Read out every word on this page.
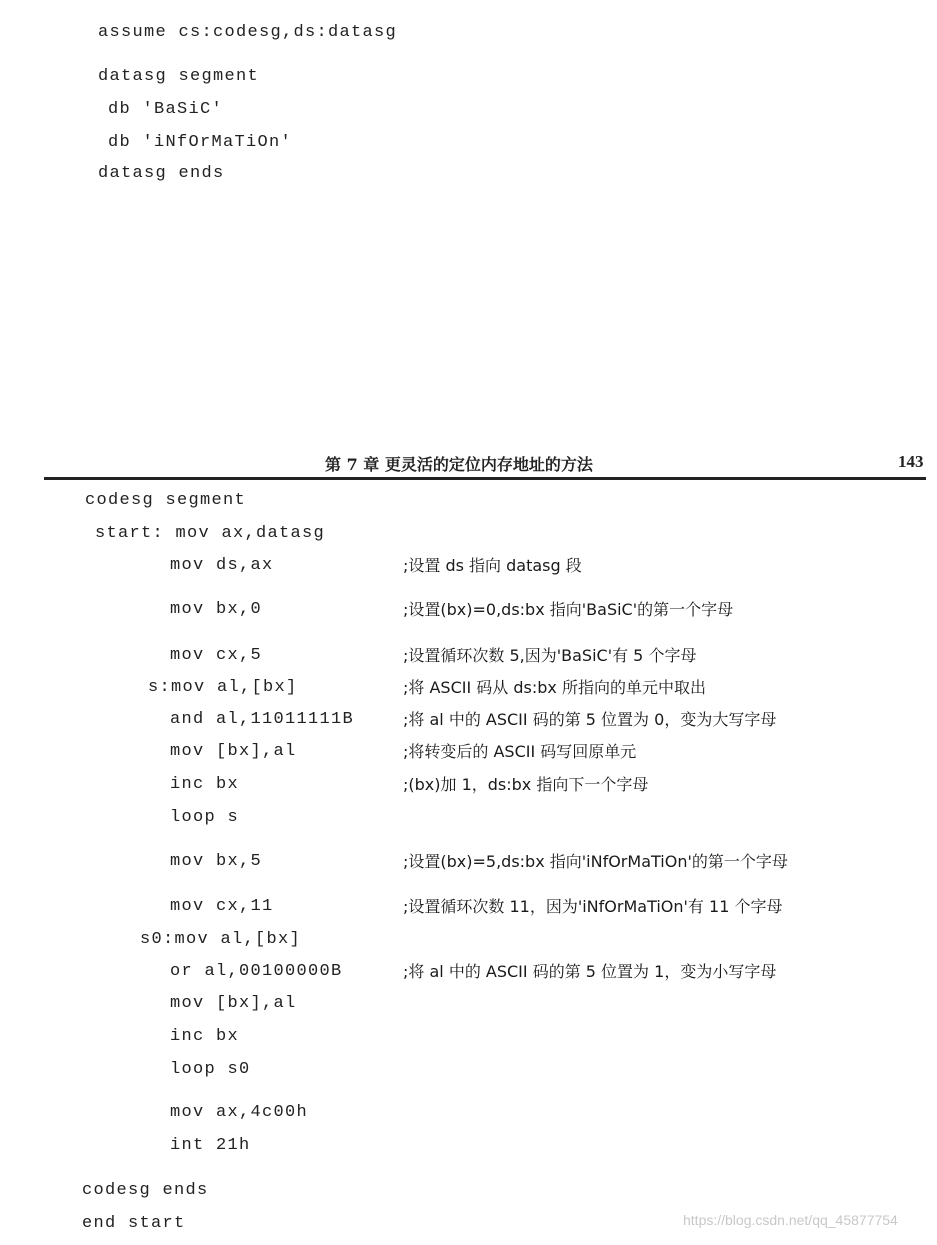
assume cs:codesg,ds:datasg
datasg segment
db 'BaSiC'
db 'iNfOrMaTiOn'
datasg ends
第 7 章 更灵活的定位内存地址的方法	143
codesg segment
start: mov ax,datasg
mov ds,ax	;设置 ds 指向 datasg 段
mov bx,0	;设置(bx)=0,ds:bx 指向'BaSiC'的第一个字母
mov cx,5	;设置循环次数 5,因为'BaSiC'有 5 个字母
s:mov al,[bx]	;将 ASCII 码从 ds:bx 所指向的单元中取出
and al,11011111B	;将 al 中的 ASCII 码的第 5 位置为 0，变为大写字母
mov [bx],al	;将转变后的 ASCII 码写回原单元
inc bx	;(bx)加 1，ds:bx 指向下一个字母
loop s
mov bx,5	;设置(bx)=5,ds:bx 指向'iNfOrMaTiOn'的第一个字母
mov cx,11	;设置循环次数 11，因为'iNfOrMaTiOn'有 11 个字母
s0:mov al,[bx]
or al,00100000B	;将 al 中的 ASCII 码的第 5 位置为 1，变为小写字母
mov [bx],al
inc bx
loop s0
mov ax,4c00h
int 21h
codesg ends
end start	https://blog.csdn.net/qq_45877754
